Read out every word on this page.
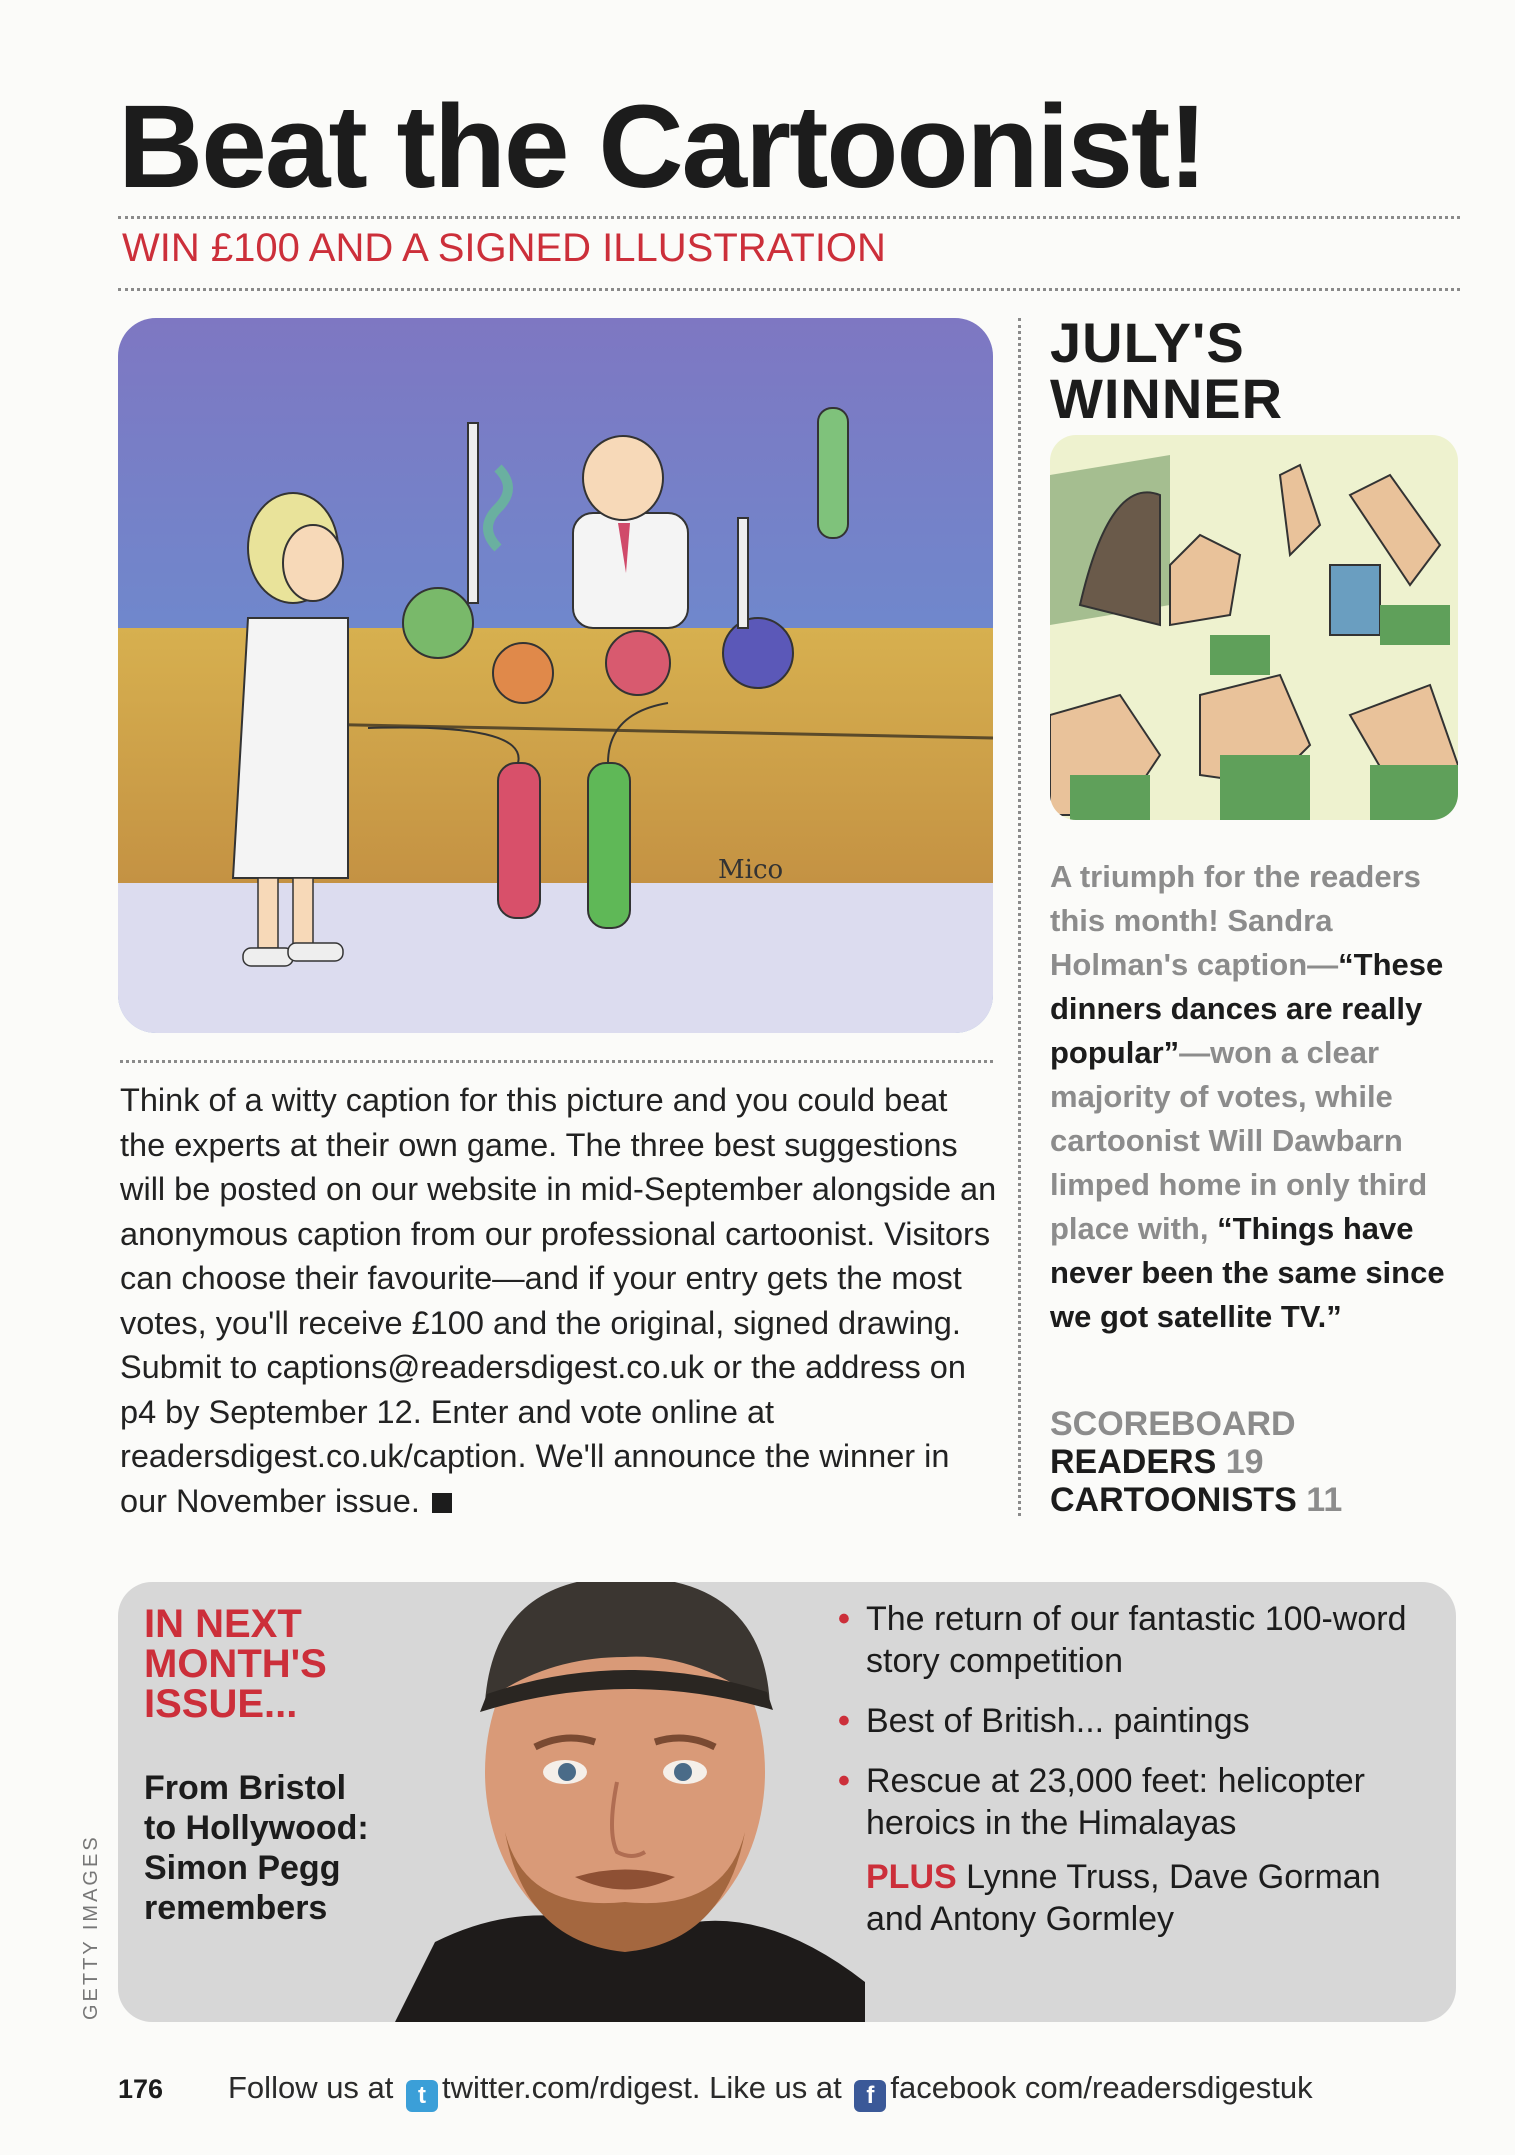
Beat the Cartoonist!
WIN £100 AND A SIGNED ILLUSTRATION
Mico
Think of a witty caption for this picture and you could beat the experts at their own game. The three best suggestions will be posted on our website in mid-September alongside an anonymous caption from our professional cartoonist. Visitors can choose their favourite—and if your entry gets the most votes, you'll receive £100 and the original, signed drawing. Submit to captions@readersdigest.co.uk or the address on p4 by September 12. Enter and vote online at readersdigest.co.uk/caption. We'll announce the winner in our November issue.
JULY'S
WINNER
A triumph for the readers this month! Sandra Holman's caption—“These dinners dances are really popular”—won a clear majority of votes, while cartoonist Will Dawbarn limped home in only third place with, “Things have never been the same since we got satellite TV.”
SCOREBOARD
READERS 19
CARTOONISTS 11
IN NEXT
MONTH'S
ISSUE...
From Bristol
to Hollywood:
Simon Pegg
remembers
• The return of our fantastic 100-word story competition
• Best of British... paintings
• Rescue at 23,000 feet: helicopter heroics in the Himalayas
PLUS Lynne Truss, Dave Gorman and Antony Gormley
GETTY IMAGES
176 Follow us at t twitter.com/rdigest. Like us at f facebook com/readersdigestuk
